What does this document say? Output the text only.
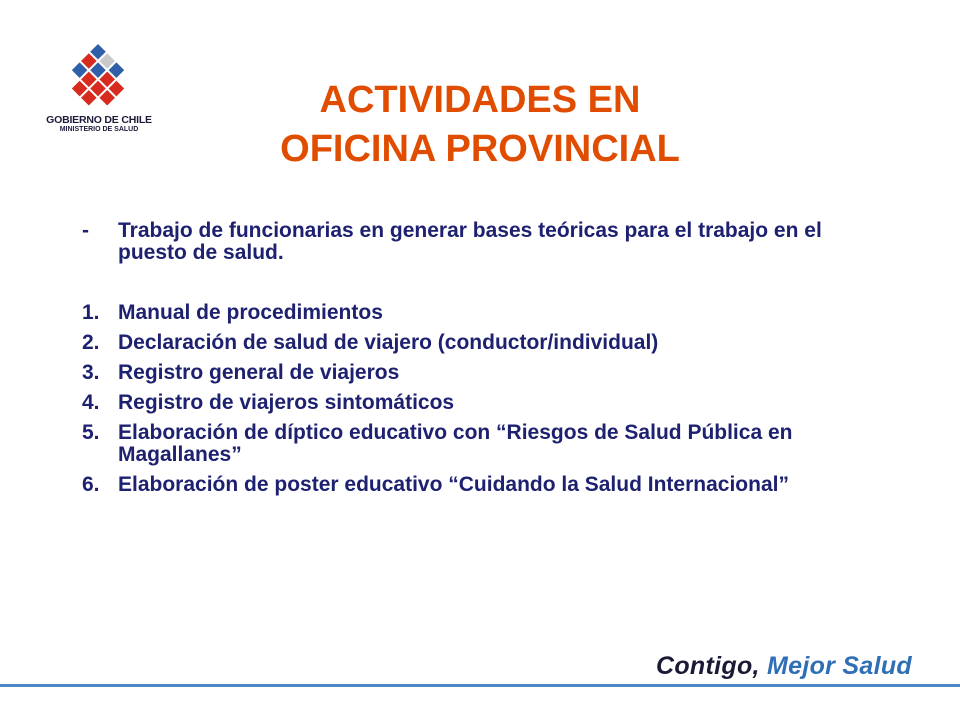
GOBIERNO DE CHILE
MINISTERIO DE SALUD
ACTIVIDADES EN
OFICINA PROVINCIAL
-	Trabajo de funcionarias en generar bases teóricas para el trabajo en el puesto de salud.
1. Manual de procedimientos
2. Declaración de salud de viajero (conductor/individual)
3. Registro general de viajeros
4. Registro de viajeros sintomáticos
5. Elaboración de díptico educativo con “Riesgos de Salud Pública en Magallanes”
6. Elaboración de poster educativo “Cuidando la Salud Internacional”
Contigo, Mejor Salud
